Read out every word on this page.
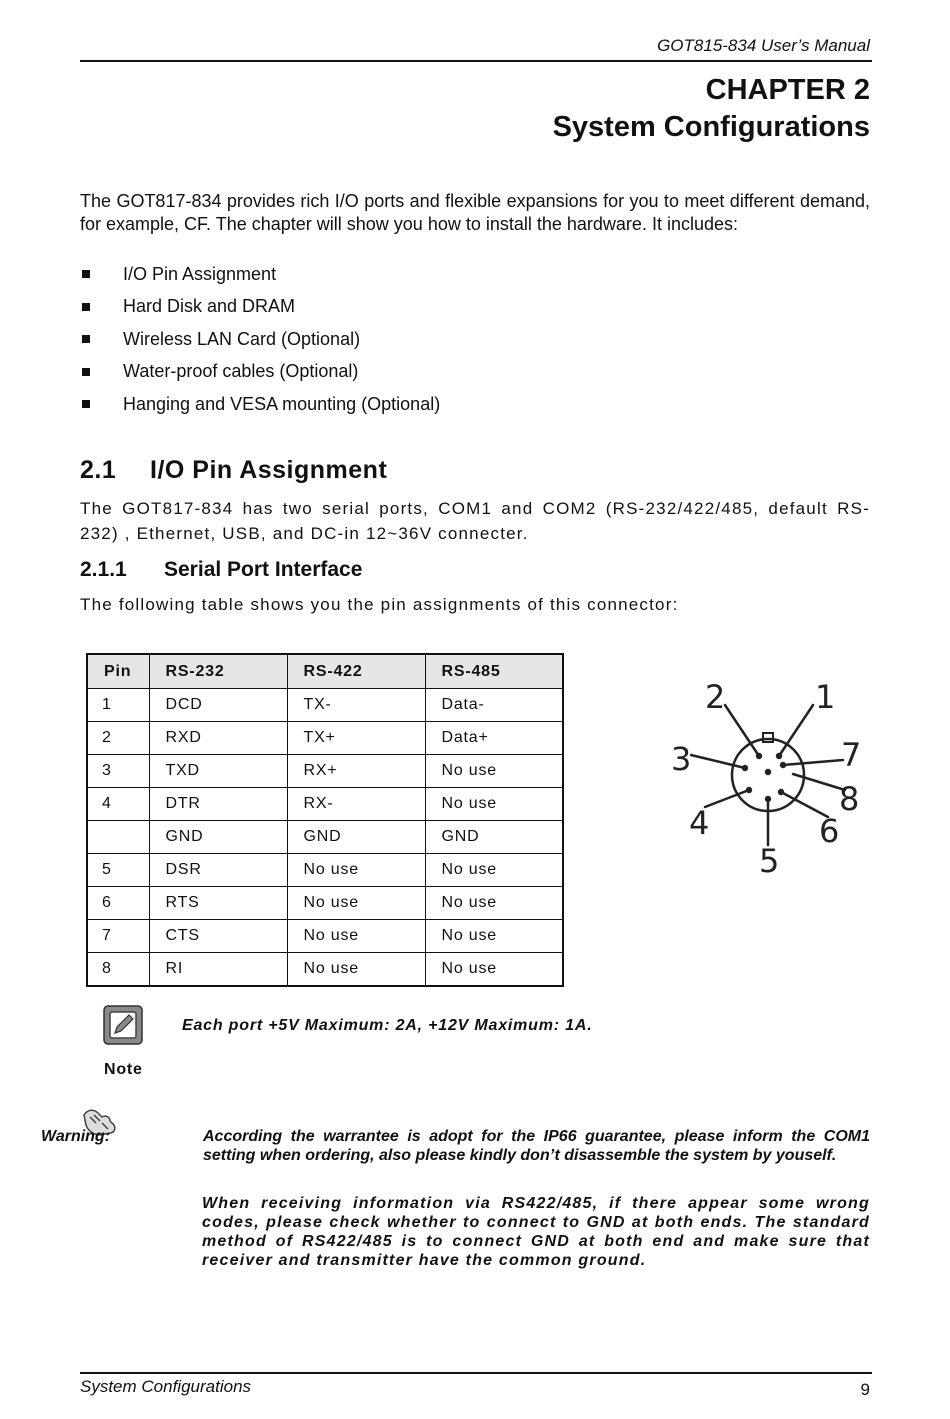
GOT815-834 User’s Manual
CHAPTER 2
System Configurations
The GOT817-834 provides rich I/O ports and flexible expansions for you to meet different demand, for example, CF. The chapter will show you how to install the hardware. It includes:
I/O Pin Assignment
Hard Disk and DRAM
Wireless LAN Card (Optional)
Water-proof cables (Optional)
Hanging and VESA mounting (Optional)
2.1 I/O Pin Assignment
The GOT817-834 has two serial ports, COM1 and COM2 (RS-232/422/485, default RS-232) , Ethernet, USB, and DC-in 12~36V connecter.
2.1.1 Serial Port Interface
The following table shows you the pin assignments of this connector:
Pin	RS-232	RS-422	RS-485
1	DCD	TX-	Data-
2	RXD	TX+	Data+
3	TXD	RX+	No use
4	DTR	RX-	No use
	GND	GND	GND
5	DSR	No use	No use
6	RTS	No use	No use
7	CTS	No use	No use
8	RI	No use	No use
1
2
3
4
5
6
7
8
Each port +5V Maximum: 2A, +12V Maximum: 1A.
Note
Warning:	According the warrantee is adopt for the IP66 guarantee, please inform the COM1 setting when ordering, also please kindly don’t disassemble the system by youself.
When receiving information via RS422/485, if there appear some wrong codes, please check whether to connect to GND at both ends. The standard method of RS422/485 is to connect GND at both end and make sure that receiver and transmitter have the common ground.
System Configurations	9
